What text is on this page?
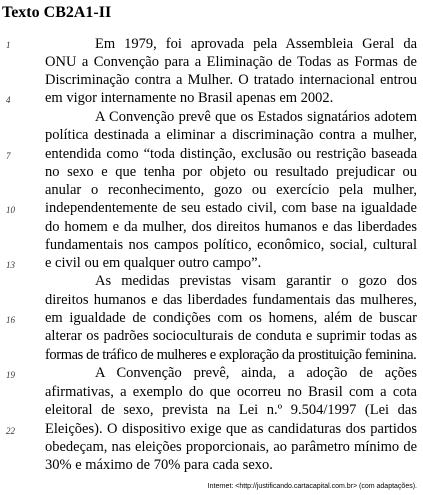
Texto CB2A1-II
1
4
7
10
13
16
19
22
Em 1979, foi aprovada pela Assembleia Geral da
ONU a Convenção para a Eliminação de Todas as Formas de
Discriminação contra a Mulher. O tratado internacional entrou
em vigor internamente no Brasil apenas em 2002.
A Convenção prevê que os Estados signatários adotem
política destinada a eliminar a discriminação contra a mulher,
entendida como “toda distinção, exclusão ou restrição baseada
no sexo e que tenha por objeto ou resultado prejudicar ou
anular o reconhecimento, gozo ou exercício pela mulher,
independentemente de seu estado civil, com base na igualdade
do homem e da mulher, dos direitos humanos e das liberdades
fundamentais nos campos político, econômico, social, cultural
e civil ou em qualquer outro campo”.
As medidas previstas visam garantir o gozo dos
direitos humanos e das liberdades fundamentais das mulheres,
em igualdade de condições com os homens, além de buscar
alterar os padrões socioculturais de conduta e suprimir todas as
formas de tráfico de mulheres e exploração da prostituição feminina.
A Convenção prevê, ainda, a adoção de ações
afirmativas, a exemplo do que ocorreu no Brasil com a cota
eleitoral de sexo, prevista na Lei n.º 9.504/1997 (Lei das
Eleições). O dispositivo exige que as candidaturas dos partidos
obedeçam, nas eleições proporcionais, ao parâmetro mínimo de
30% e máximo de 70% para cada sexo.
Internet: <http://justificando.cartacapital.com.br> (com adaptações).
